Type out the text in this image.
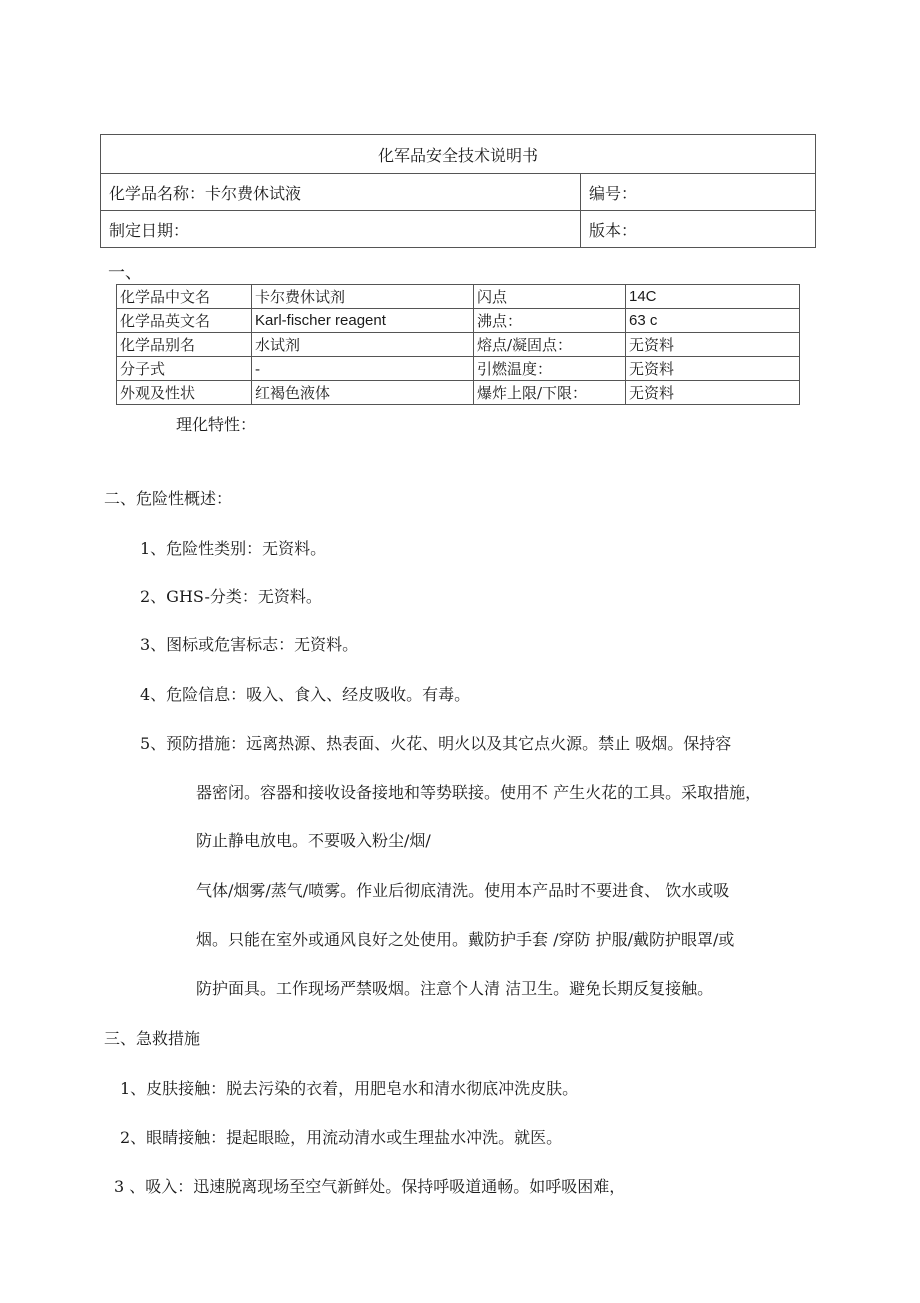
化军品安全技术说明书	
化学品名称：卡尔费休试液	编号：
制定日期：	版本：
一、
化学品中文名	卡尔费休试剂	闪点	14C
化学品英文名	Karl-fischer reagent	沸点：	63 c
化学品别名	水试剂	熔点/凝固点：	无资料
分子式	-	引燃温度：	无资料
外观及性状	红褐色液体	爆炸上限/下限：	无资料
理化特性：
二、危险性概述：
1、危险性类别：无资料。
2、GHS-分类：无资料。
3、图标或危害标志：无资料。
4、危险信息：吸入、食入、经皮吸收。有毒。
5、预防措施：远离热源、热表面、火花、明火以及其它点火源。禁止 吸烟。保持容
器密闭。容器和接收设备接地和等势联接。使用不 产生火花的工具。采取措施，
防止静电放电。不要吸入粉尘/烟/
气体/烟雾/蒸气/喷雾。作业后彻底清洗。使用本产品时不要进食、 饮水或吸
烟。只能在室外或通风良好之处使用。戴防护手套 /穿防 护服/戴防护眼罩/或
防护面具。工作现场严禁吸烟。注意个人清 洁卫生。避免长期反复接触。
三、急救措施
1、皮肤接触：脱去污染的衣着，用肥皂水和清水彻底冲洗皮肤。
2、眼睛接触：提起眼睑，用流动清水或生理盐水冲洗。就医。
3 、吸入：迅速脱离现场至空气新鲜处。保持呼吸道通畅。如呼吸困难，
